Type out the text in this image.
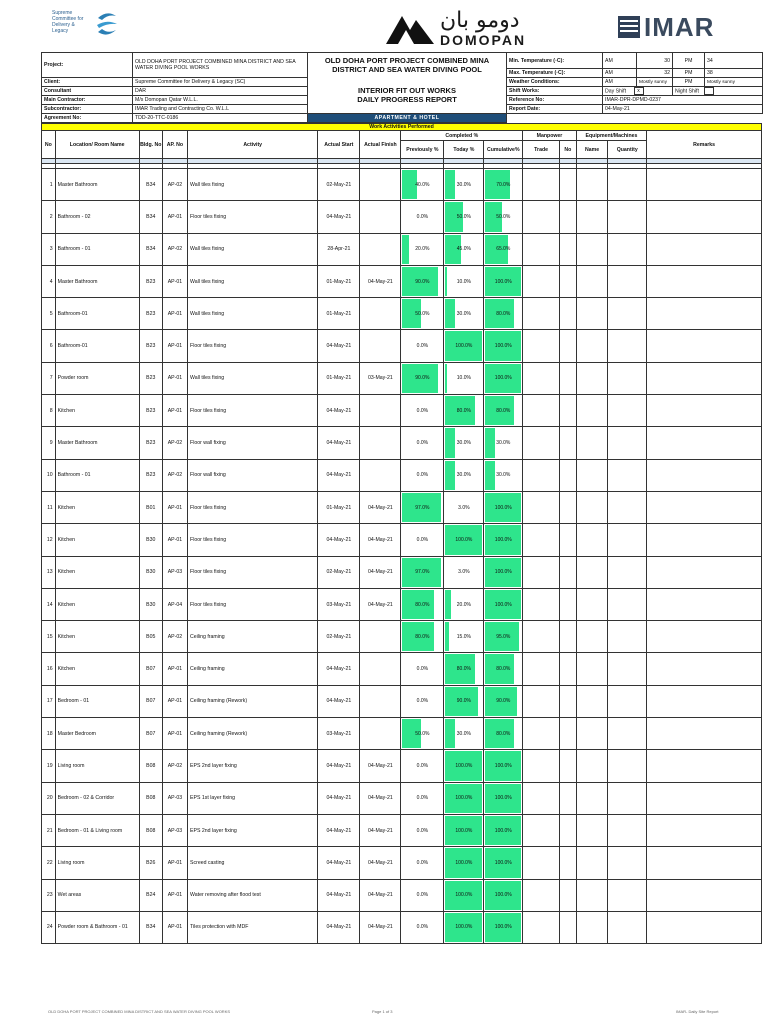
Supreme Committee for Delivery & Legacy	دومو بان
DOMOPAN	IMAR
Project:	OLD DOHA PORT PROJECT COMBINED MINA DISTRICT AND SEA WATER DIVING POOL WORKS	OLD DOHA PORT PROJECT COMBINED MINA
DISTRICT AND SEA WATER DIVING POOL	Min. Temperature (◦C):	AM	30	PM	34
			Max. Temperature (◦C):	AM	32	PM	38
Client:	Supreme Committee for Delivery & Legacy (SC)	INTERIOR FIT OUT WORKS
DAILY PROGRESS REPORT	Weather Conditions:	AM	Mostly sunny	PM	Mostly sunny
Consultant	DAR		Shift Works:	Day Shift x		Night Shift	
Main Contractor:	M/s Domopan Qatar W.L.L.		Reference No:	IMAR-DPR-DPMD-0237			
Subcontractor:	IMAR Trading and Contracting Co. W.L.L		Report Date:	04-May-21			
Agreement No:	TDD-20-TTC-0186	APARTMENT & HOTEL					
Work Activities Performed														
No	Location/ Room Name	Bldg. No	AP. No	Activity	Actual Start	Actual Finish	Completed %			Manpower		Equipment/Machines		Remarks
							Previously %	Today %	Cumulative%	Trade	No	Name	Quantity	

1	Master Bathroom	B34	AP-02	Wall tiles fixing	02-May-21		40.0%	30.0%	70.0%					
2	Bathroom - 02	B34	AP-01	Floor tiles fixing	04-May-21		0.0%	50.0%	50.0%					
3	Bathroom - 01	B34	AP-02	Wall tiles fixing	28-Apr-21		20.0%	45.0%	65.0%					
4	Master Bathroom	B23	AP-01	Wall tiles fixing	01-May-21	04-May-21	90.0%	10.0%	100.0%					
5	Bathroom-01	B23	AP-01	Wall tiles fixing	01-May-21		50.0%	30.0%	80.0%					
6	Bathroom-01	B23	AP-01	Floor tiles fixing	04-May-21		0.0%	100.0%	100.0%					
7	Powder room	B23	AP-01	Wall tiles fixing	01-May-21	03-May-21	90.0%	10.0%	100.0%					
8	Kitchen	B23	AP-01	Floor tiles fixing	04-May-21		0.0%	80.0%	80.0%					
9	Master Bathroom	B23	AP-02	Floor wall fixing	04-May-21		0.0%	30.0%	30.0%					
10	Bathroom - 01	B23	AP-02	Floor wall fixing	04-May-21		0.0%	30.0%	30.0%					
11	Kitchen	B01	AP-01	Floor tiles fixing	01-May-21	04-May-21	97.0%	3.0%	100.0%					
12	Kitchen	B30	AP-01	Floor tiles fixing	04-May-21	04-May-21	0.0%	100.0%	100.0%					
13	Kitchen	B30	AP-03	Floor tiles fixing	02-May-21	04-May-21	97.0%	3.0%	100.0%					
14	Kitchen	B30	AP-04	Floor tiles fixing	03-May-21	04-May-21	80.0%	20.0%	100.0%					
15	Kitchen	B05	AP-02	Ceiling framing	02-May-21		80.0%	15.0%	95.0%					
16	Kitchen	B07	AP-01	Ceiling framing	04-May-21		0.0%	80.0%	80.0%					
17	Bedroom - 01	B07	AP-01	Ceiling framing (Rework)	04-May-21		0.0%	90.0%	90.0%					
18	Master Bedroom	B07	AP-01	Ceiling framing (Rework)	03-May-21		50.0%	30.0%	80.0%					
19	Living room	B08	AP-02	EPS 2nd layer fixing	04-May-21	04-May-21	0.0%	100.0%	100.0%					
20	Bedroom - 02 & Corridor	B08	AP-03	EPS 1st layer fixing	04-May-21	04-May-21	0.0%	100.0%	100.0%					
21	Bedroom - 01 & Living room	B08	AP-03	EPS 2nd layer fixing	04-May-21	04-May-21	0.0%	100.0%	100.0%					
22	Living room	B26	AP-01	Screed casting	04-May-21	04-May-21	0.0%	100.0%	100.0%					
23	Wet areas	B24	AP-01	Water removing after flood test	04-May-21	04-May-21	0.0%	100.0%	100.0%					
24	Powder room & Bathroom - 01	B34	AP-01	Tiles protection with MDF	04-May-21	04-May-21	0.0%	100.0%	100.0%					
OLD DOHA PORT PROJECT COMBINED MINA DISTRICT AND SEA WATER DIVING POOL WORKS	Page 1 of 3	IMAR- Daily Site Report
